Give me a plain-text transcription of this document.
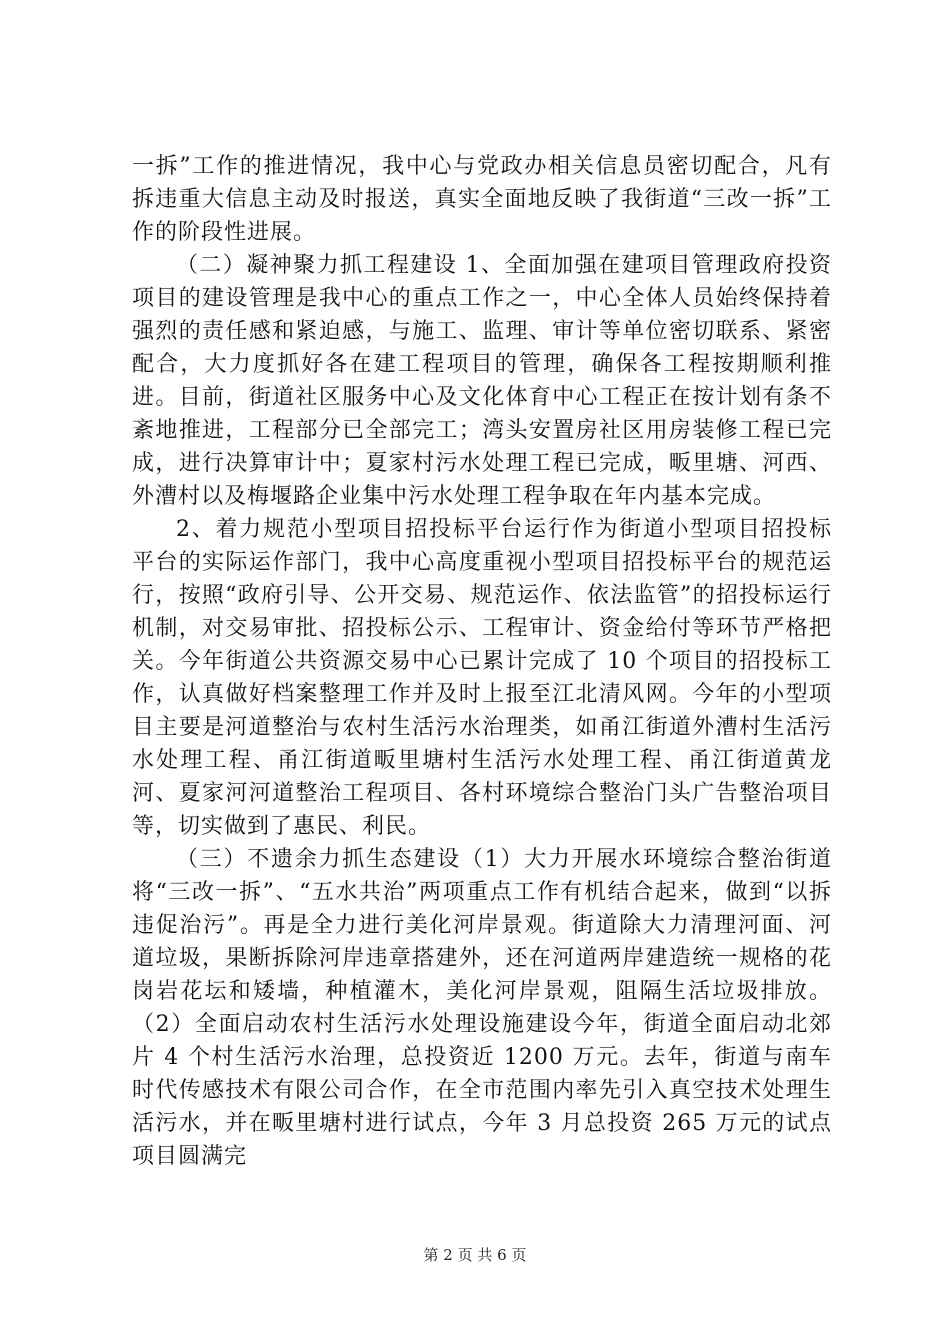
一拆”工作的推进情况，我中心与党政办相关信息员密切配合，凡有拆违重大信息主动及时报送，真实全面地反映了我街道“三改一拆”工作的阶段性进展。

（二）凝神聚力抓工程建设 1、全面加强在建项目管理政府投资项目的建设管理是我中心的重点工作之一，中心全体人员始终保持着强烈的责任感和紧迫感，与施工、监理、审计等单位密切联系、紧密配合，大力度抓好各在建工程项目的管理，确保各工程按期顺利推进。目前，街道社区服务中心及文化体育中心工程正在按计划有条不紊地推进，工程部分已全部完工；湾头安置房社区用房装修工程已完成，进行决算审计中；夏家村污水处理工程已完成，畈里塘、河西、外漕村以及梅堰路企业集中污水处理工程争取在年内基本完成。

2、着力规范小型项目招投标平台运行作为街道小型项目招投标平台的实际运作部门，我中心高度重视小型项目招投标平台的规范运行，按照“政府引导、公开交易、规范运作、依法监管”的招投标运行机制，对交易审批、招投标公示、工程审计、资金给付等环节严格把关。今年街道公共资源交易中心已累计完成了 10 个项目的招投标工作，认真做好档案整理工作并及时上报至江北清风网。今年的小型项目主要是河道整治与农村生活污水治理类，如甬江街道外漕村生活污水处理工程、甬江街道畈里塘村生活污水处理工程、甬江街道黄龙河、夏家河河道整治工程项目、各村环境综合整治门头广告整治项目等，切实做到了惠民、利民。

（三）不遗余力抓生态建设（1）大力开展水环境综合整治街道将“三改一拆”、“五水共治”两项重点工作有机结合起来，做到“以拆违促治污”。再是全力进行美化河岸景观。街道除大力清理河面、河道垃圾，果断拆除河岸违章搭建外，还在河道两岸建造统一规格的花岗岩花坛和矮墙，种植灌木，美化河岸景观，阻隔生活垃圾排放。（2）全面启动农村生活污水处理设施建设今年，街道全面启动北郊片 4 个村生活污水治理，总投资近 1200 万元。去年，街道与南车时代传感技术有限公司合作，在全市范围内率先引入真空技术处理生活污水，并在畈里塘村进行试点，今年 3 月总投资 265 万元的试点项目圆满完

第 2 页 共 6 页
